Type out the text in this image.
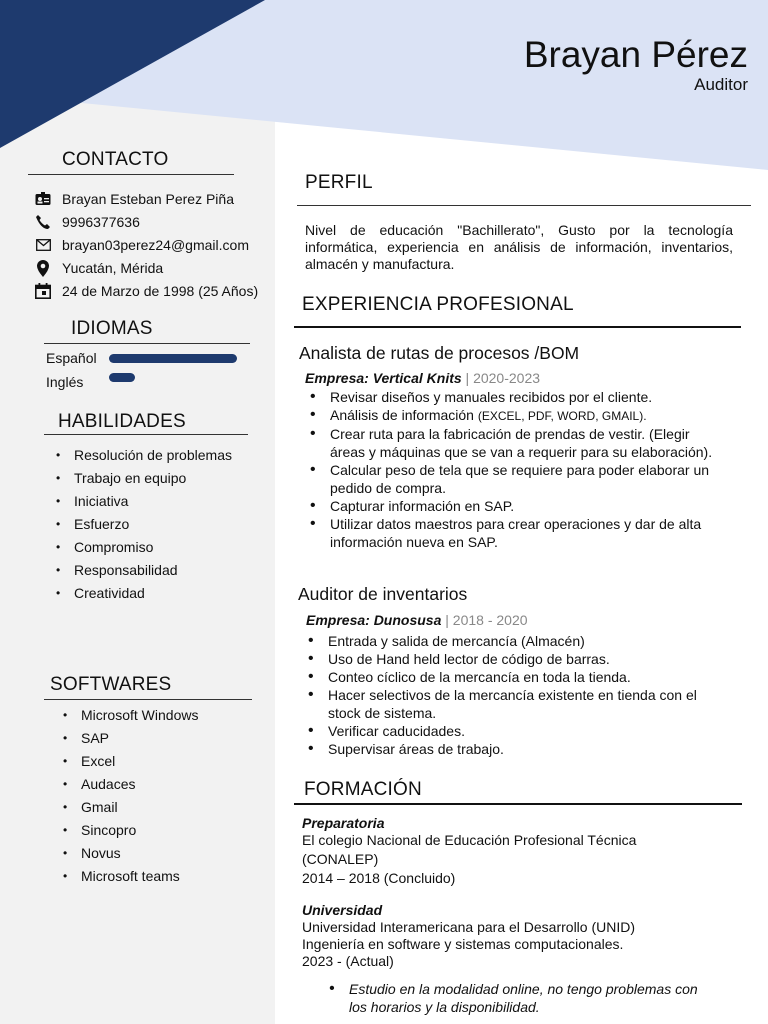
Brayan Pérez
Auditor
CONTACTO
Brayan Esteban Perez Piña
9996377636
brayan03perez24@gmail.com
Yucatán, Mérida
24 de Marzo de 1998 (25 Años)
IDIOMAS
Español
Inglés
HABILIDADES
• Resolución de problemas
• Trabajo en equipo
• Iniciativa
• Esfuerzo
• Compromiso
• Responsabilidad
• Creatividad
SOFTWARES
• Microsoft Windows
• SAP
• Excel
• Audaces
• Gmail
• Sincopro
• Novus
• Microsoft teams
PERFIL
Nivel de educación "Bachillerato", Gusto por la tecnología informática, experiencia en análisis de información, inventarios, almacén y manufactura.
EXPERIENCIA PROFESIONAL
Analista de rutas de procesos /BOM
Empresa: Vertical Knits | 2020-2023
• Revisar diseños y manuales recibidos por el cliente.
• Análisis de información (EXCEL, PDF, WORD, GMAIL).
• Crear ruta para la fabricación de prendas de vestir. (Elegir áreas y máquinas que se van a requerir para su elaboración).
• Calcular peso de tela que se requiere para poder elaborar un pedido de compra.
• Capturar información en SAP.
• Utilizar datos maestros para crear operaciones y dar de alta información nueva en SAP.
Auditor de inventarios
Empresa: Dunosusa | 2018 - 2020
• Entrada y salida de mercancía (Almacén)
• Uso de Hand held lector de código de barras.
• Conteo cíclico de la mercancía en toda la tienda.
• Hacer selectivos de la mercancía existente en tienda con el stock de sistema.
• Verificar caducidades.
• Supervisar áreas de trabajo.
FORMACIÓN
Preparatoria
El colegio Nacional de Educación Profesional Técnica
(CONALEP)
2014 – 2018 (Concluido)
Universidad
Universidad Interamericana para el Desarrollo (UNID)
Ingeniería en software y sistemas computacionales.
2023 - (Actual)
• Estudio en la modalidad online, no tengo problemas con los horarios y la disponibilidad.
